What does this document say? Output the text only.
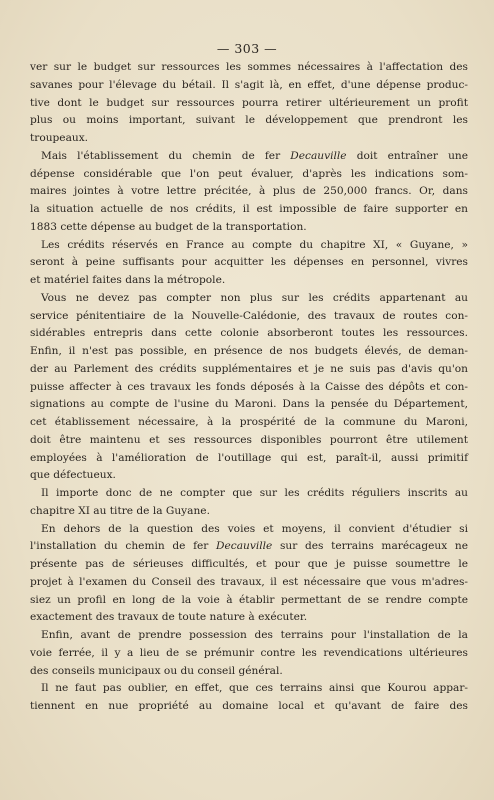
— 303 —
ver sur le budget sur ressources les sommes nécessaires à l'affectation des
savanes pour l'élevage du bétail. Il s'agit là, en effet, d'une dépense produc-
tive dont le budget sur ressources pourra retirer ultérieurement un profit
plus ou moins important, suivant le développement que prendront les
troupeaux.
Mais l'établissement du chemin de fer Decauville doit entraîner une
dépense considérable que l'on peut évaluer, d'après les indications som-
maires jointes à votre lettre précitée, à plus de 250,000 francs. Or, dans
la situation actuelle de nos crédits, il est impossible de faire supporter en
1883 cette dépense au budget de la transportation.
Les crédits réservés en France au compte du chapitre XI, « Guyane, »
seront à peine suffisants pour acquitter les dépenses en personnel, vivres
et matériel faites dans la métropole.
Vous ne devez pas compter non plus sur les crédits appartenant au
service pénitentiaire de la Nouvelle-Calédonie, des travaux de routes con-
sidérables entrepris dans cette colonie absorberont toutes les ressources.
Enfin, il n'est pas possible, en présence de nos budgets élevés, de deman-
der au Parlement des crédits supplémentaires et je ne suis pas d'avis qu'on
puisse affecter à ces travaux les fonds déposés à la Caisse des dépôts et con-
signations au compte de l'usine du Maroni. Dans la pensée du Département,
cet établissement nécessaire, à la prospérité de la commune du Maroni,
doit être maintenu et ses ressources disponibles pourront être utilement
employées à l'amélioration de l'outillage qui est, paraît-il, aussi primitif
que défectueux.
Il importe donc de ne compter que sur les crédits réguliers inscrits au
chapitre XI au titre de la Guyane.
En dehors de la question des voies et moyens, il convient d'étudier si
l'installation du chemin de fer Decauville sur des terrains marécageux ne
présente pas de sérieuses difficultés, et pour que je puisse soumettre le
projet à l'examen du Conseil des travaux, il est nécessaire que vous m'adres-
siez un profil en long de la voie à établir permettant de se rendre compte
exactement des travaux de toute nature à exécuter.
Enfin, avant de prendre possession des terrains pour l'installation de la
voie ferrée, il y a lieu de se prémunir contre les revendications ultérieures
des conseils municipaux ou du conseil général.
Il ne faut pas oublier, en effet, que ces terrains ainsi que Kourou appar-
tiennent en nue propriété au domaine local et qu'avant de faire des
